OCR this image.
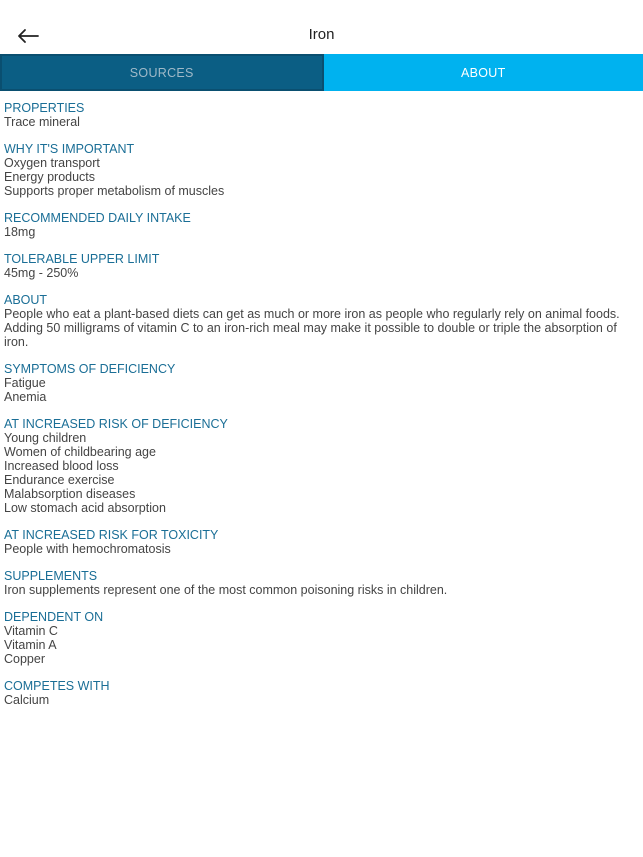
Iron
SOURCES	ABOUT
PROPERTIES
Trace mineral
WHY IT'S IMPORTANT
Oxygen transport
Energy products
Supports proper metabolism of muscles
RECOMMENDED DAILY INTAKE
18mg
TOLERABLE UPPER LIMIT
45mg - 250%
ABOUT
People who eat a plant-based diets can get as much or more iron as people who regularly rely on animal foods. Adding 50 milligrams of vitamin C to an iron-rich meal may make it possible to double or triple the absorption of iron.
SYMPTOMS OF DEFICIENCY
Fatigue
Anemia
AT INCREASED RISK OF DEFICIENCY
Young children
Women of childbearing age
Increased blood loss
Endurance exercise
Malabsorption diseases
Low stomach acid absorption
AT INCREASED RISK FOR TOXICITY
People with hemochromatosis
SUPPLEMENTS
Iron supplements represent one of the most common poisoning risks in children.
DEPENDENT ON
Vitamin C
Vitamin A
Copper
COMPETES WITH
Calcium
